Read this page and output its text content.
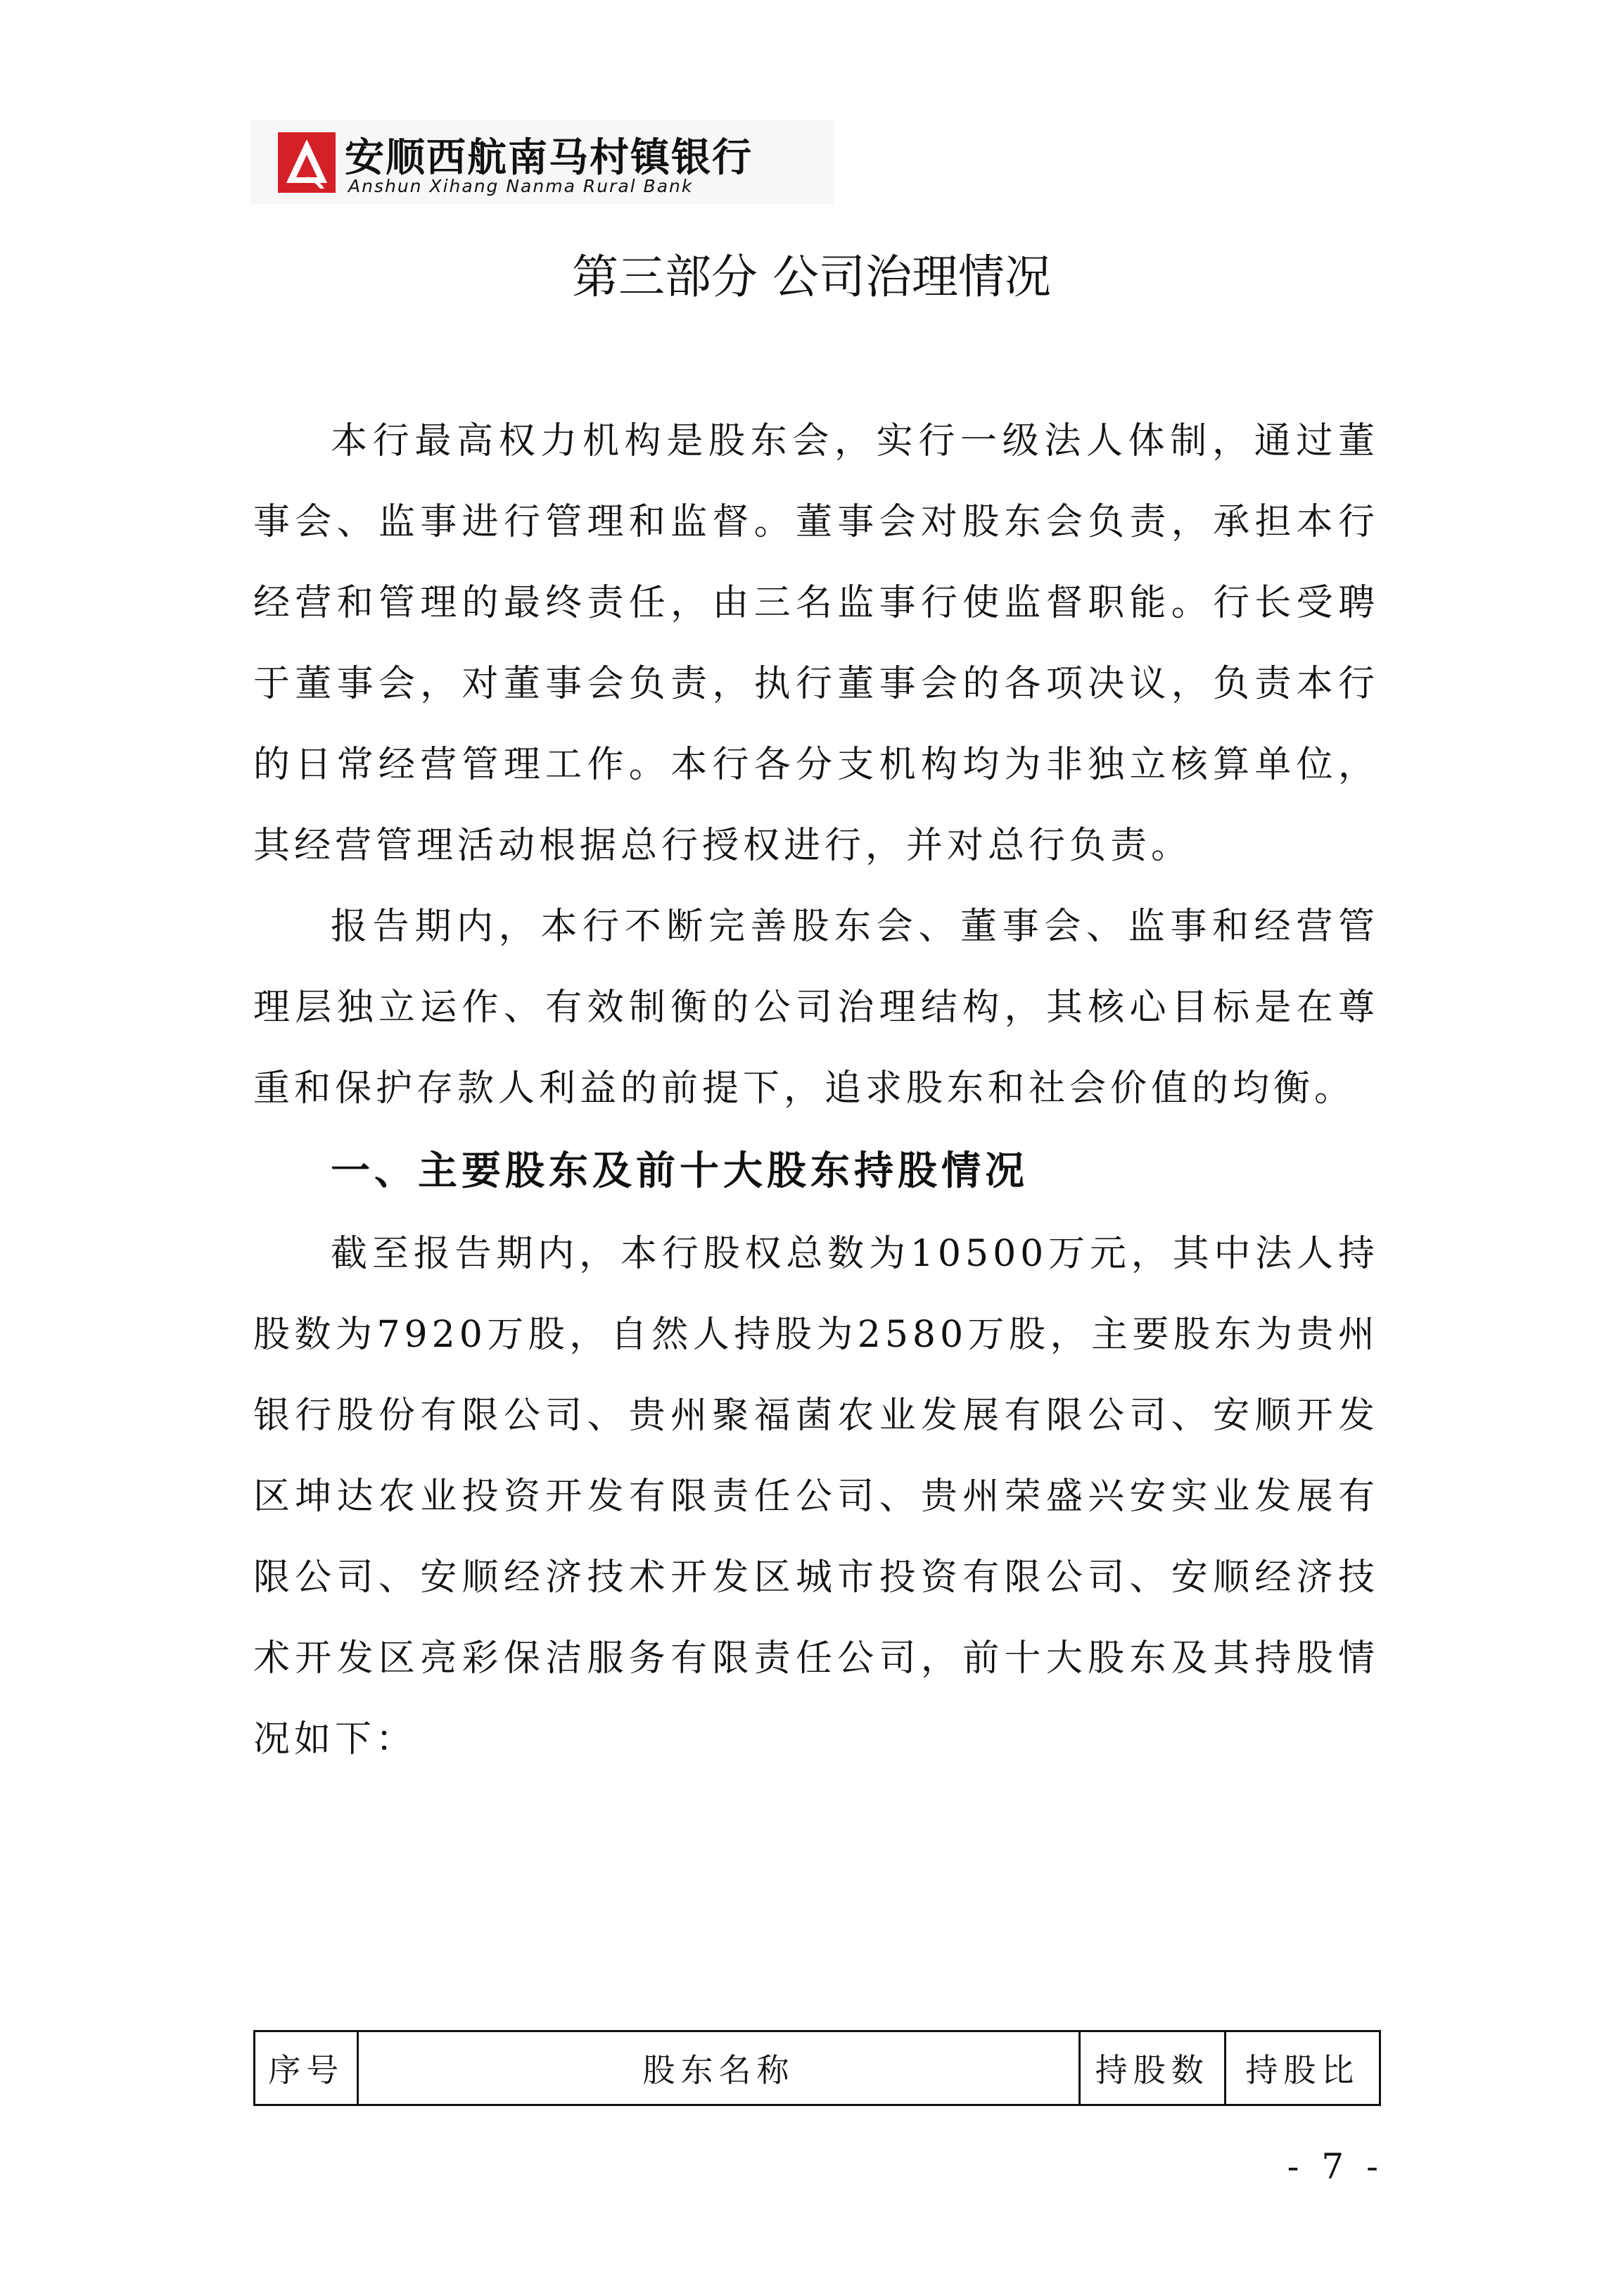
安顺西航南马村镇银行
Anshun Xihang Nanma Rural Bank
第三部分 公司治理情况

本行最高权力机构是股东会，实行一级法人体制，通过董事会、监事进行管理和监督。董事会对股东会负责，承担本行经营和管理的最终责任，由三名监事行使监督职能。行长受聘于董事会，对董事会负责，执行董事会的各项决议，负责本行的日常经营管理工作。本行各分支机构均为非独立核算单位，其经营管理活动根据总行授权进行，并对总行负责。

报告期内，本行不断完善股东会、董事会、监事和经营管理层独立运作、有效制衡的公司治理结构，其核心目标是在尊重和保护存款人利益的前提下，追求股东和社会价值的均衡。

一、主要股东及前十大股东持股情况

截至报告期内，本行股权总数为10500万元，其中法人持股数为7920万股，自然人持股为2580万股，主要股东为贵州银行股份有限公司、贵州聚福菌农业发展有限公司、安顺开发区坤达农业投资开发有限责任公司、贵州荣盛兴安实业发展有限公司、安顺经济技术开发区城市投资有限公司、安顺经济技术开发区亮彩保洁服务有限责任公司，前十大股东及其持股情况如下：

序号	股东名称	持股数	持股比
- 7 -
